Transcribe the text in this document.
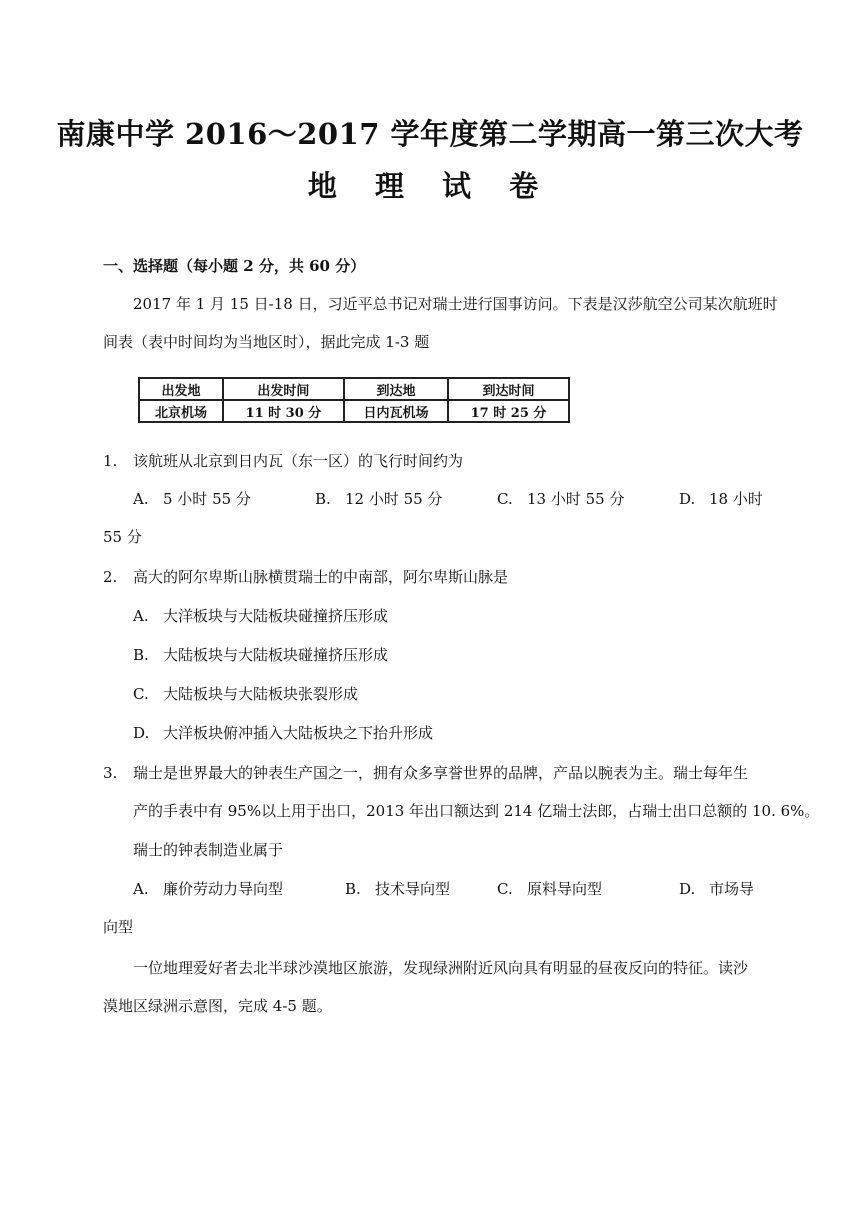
南康中学 2016～2017 学年度第二学期高一第三次大考
地 理 试 卷
一、选择题（每小题 2 分，共 60 分）
2017 年 1 月 15 日-18 日，习近平总书记对瑞士进行国事访问。下表是汉莎航空公司某次航班时
间表（表中时间均为当地区时），据此完成 1-3 题
出发地	出发时间	到达地	到达时间
北京机场	11 时 30 分	日内瓦机场	17 时 25 分
1. 该航班从北京到日内瓦（东一区）的飞行时间约为
A. 5 小时 55 分	B. 12 小时 55 分	C. 13 小时 55 分	D. 18 小时
55 分
2. 高大的阿尔卑斯山脉横贯瑞士的中南部，阿尔卑斯山脉是
A. 大洋板块与大陆板块碰撞挤压形成
B. 大陆板块与大陆板块碰撞挤压形成
C. 大陆板块与大陆板块张裂形成
D. 大洋板块俯冲插入大陆板块之下抬升形成
3. 瑞士是世界最大的钟表生产国之一，拥有众多享誉世界的品牌，产品以腕表为主。瑞士每年生
产的手表中有 95%以上用于出口，2013 年出口额达到 214 亿瑞士法郎，占瑞士出口总额的 10. 6%。
瑞士的钟表制造业属于
A. 廉价劳动力导向型	B. 技术导向型	C. 原料导向型	D. 市场导
向型
一位地理爱好者去北半球沙漠地区旅游，发现绿洲附近风向具有明显的昼夜反向的特征。读沙
漠地区绿洲示意图，完成 4-5 题。
